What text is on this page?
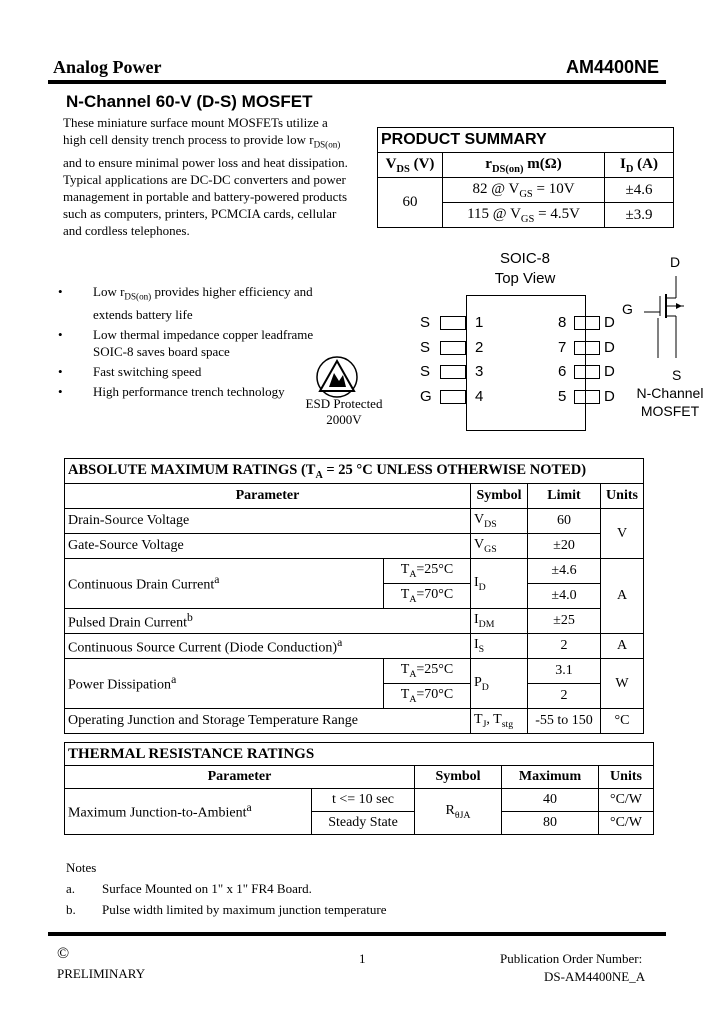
Analog Power	AM4400NE
N-Channel 60-V (D-S) MOSFET
These miniature surface mount MOSFETs utilize a high cell density trench process to provide low $r_{DS(on)}$ and to ensure minimal power loss and heat dissipation. Typical applications are DC-DC converters and power management in portable and battery-powered products such as computers, printers, PCMCIA cards, cellular and cordless telephones.
• Low $r_{DS(on)}$ provides higher efficiency and extends battery life
• Low thermal impedance copper leadframe SOIC-8 saves board space
• Fast switching speed
• High performance trench technology
ESD Protected
2000V
PRODUCT SUMMARY		
$V_{DS}$ (V)	$r_{DS(on)}$ m(Ω)	$I_D$ (A)
60	82 @ $V_{GS} = 10V$	±4.6
	115 @ $V_{GS} = 4.5V$	±3.9
SOIC-8
Top View
S	1
S	2
S	3
G	4
8	D
7	D
6	D
5	D
D
G
S
N-Channel
MOSFET
ABSOLUTE MAXIMUM RATINGS ($T_A = 25$ °C UNLESS OTHERWISE NOTED)				
Parameter		Symbol	Limit	Units
Drain-Source Voltage		$V_{DS}$	60	V
Gate-Source Voltage		$V_{GS}$	±20	
Continuous Drain Current$^a$	$T_A=25^\circ C$	$I_D$	±4.6	A
	$T_A=70^\circ C$		±4.0	
Pulsed Drain Current$^b$		$I_{DM}$	±25	
Continuous Source Current (Diode Conduction)$^a$		$I_S$	2	A
Power Dissipation$^a$	$T_A=25^\circ C$	$P_D$	3.1	W
	$T_A=70^\circ C$		2	
Operating Junction and Storage Temperature Range		$T_J$, $T_{stg}$	-55 to 150	°C
THERMAL RESISTANCE RATINGS				
Parameter		Symbol	Maximum	Units
Maximum Junction-to-Ambient$^a$	t <= 10 sec	$R_{\theta JA}$	40	°C/W
	Steady State		80	°C/W
Notes
a. Surface Mounted on 1" x 1" FR4 Board.
b. Pulse width limited by maximum junction temperature
©
PRELIMINARY
1	Publication Order Number:
DS-AM4400NE_A
